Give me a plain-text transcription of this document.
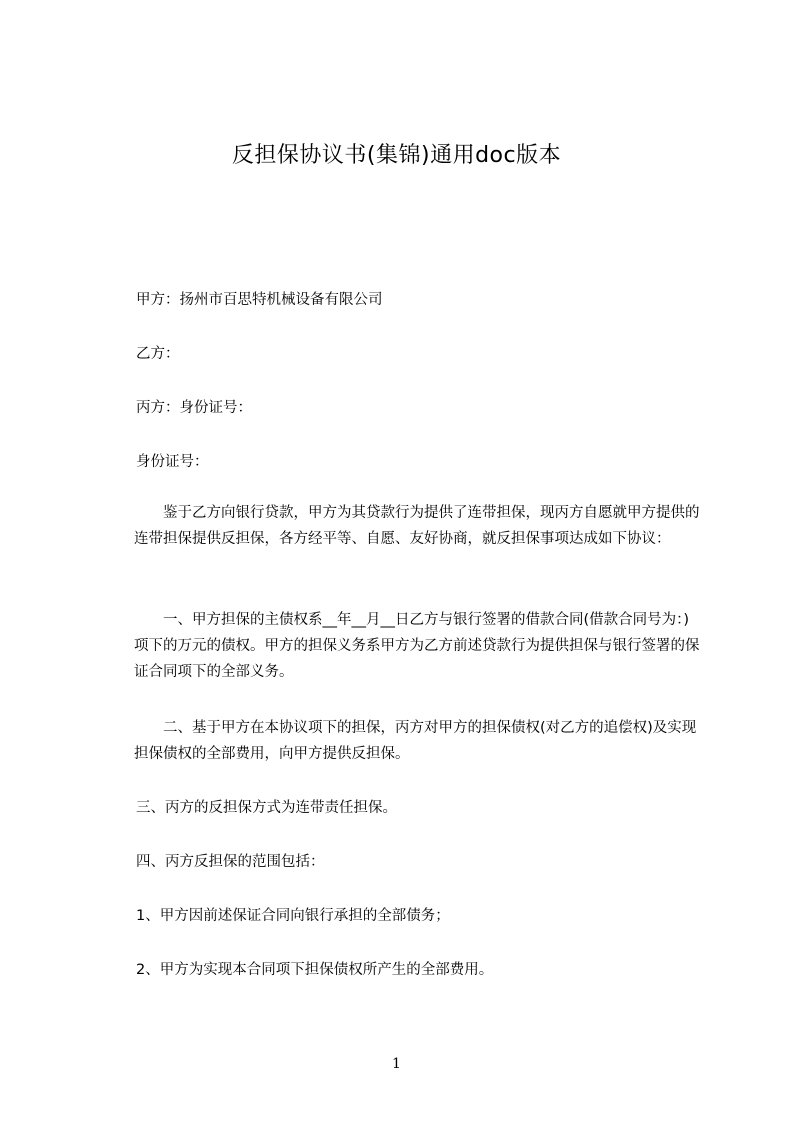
反担保协议书(集锦)通用doc版本

甲方：扬州市百思特机械设备有限公司

乙方：

丙方：身份证号：

身份证号：

鉴于乙方向银行贷款，甲方为其贷款行为提供了连带担保，现丙方自愿就甲方提供的连带担保提供反担保，各方经平等、自愿、友好协商，就反担保事项达成如下协议：

一、甲方担保的主债权系__年__月__日乙方与银行签署的借款合同(借款合同号为：)项下的万元的债权。甲方的担保义务系甲方为乙方前述贷款行为提供担保与银行签署的保证合同项下的全部义务。

二、基于甲方在本协议项下的担保，丙方对甲方的担保债权(对乙方的追偿权)及实现担保债权的全部费用，向甲方提供反担保。

三、丙方的反担保方式为连带责任担保。

四、丙方反担保的范围包括：

1、甲方因前述保证合同向银行承担的全部债务；

2、甲方为实现本合同项下担保债权所产生的全部费用。

1
